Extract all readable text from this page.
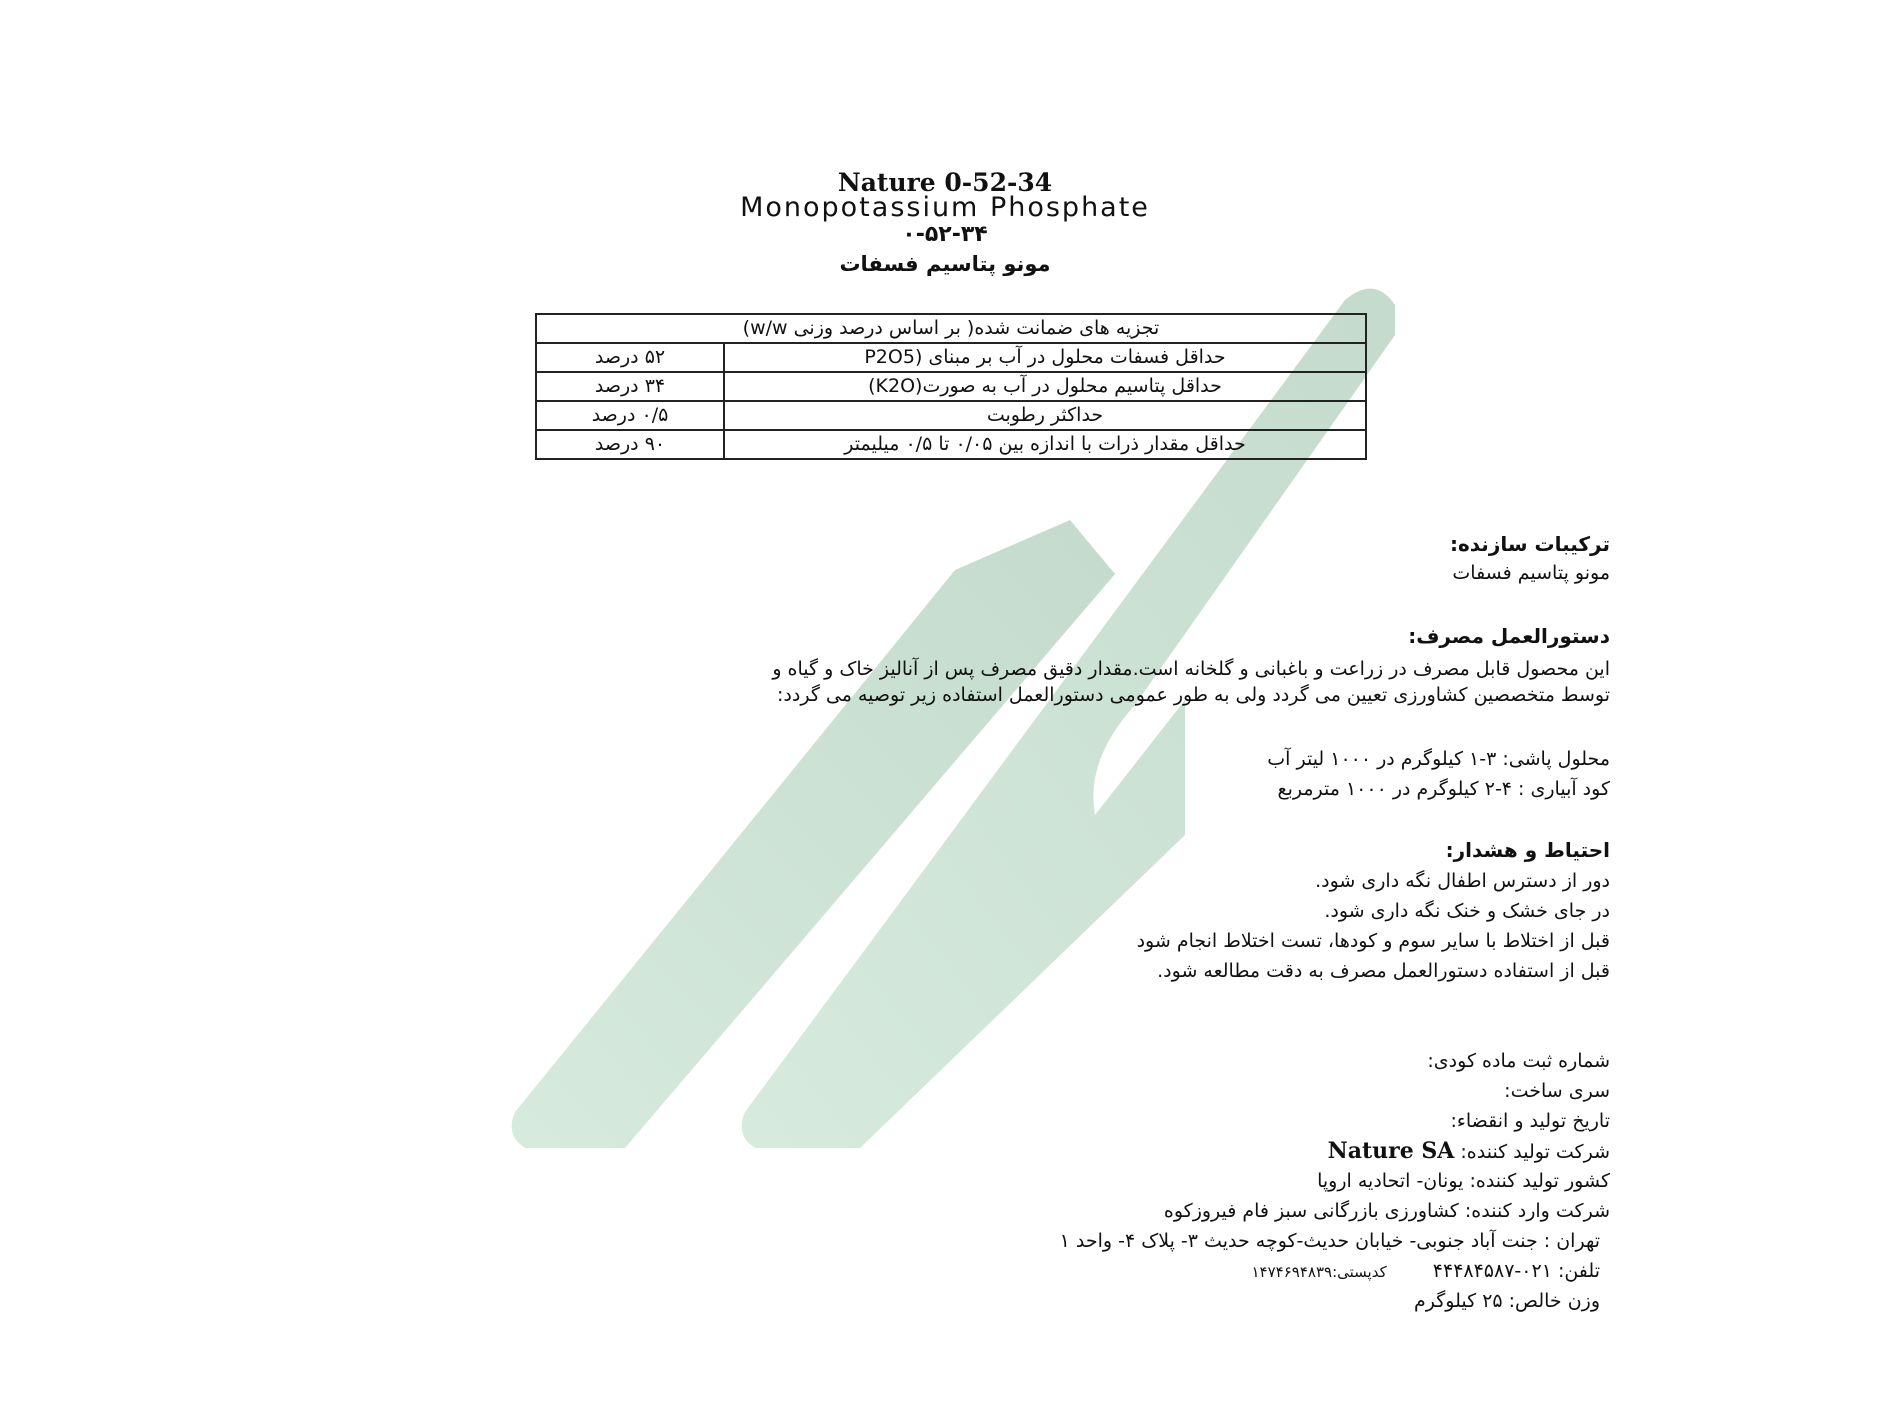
Nature 0-52-34
Monopotassium Phosphate
۰-۵۲-۳۴
مونو پتاسیم فسفات
تجزیه های ضمانت شده( بر اساس درصد وزنی w/w)	
حداقل فسفات محلول در آب بر مبنای (P2O5	۵۲ درصد
حداقل پتاسیم محلول در آب به صورت(K2O)	۳۴ درصد
حداکثر رطوبت	۰/۵ درصد
حداقل مقدار ذرات با اندازه بین ۰/۰۵ تا ۰/۵ میلیمتر	۹۰ درصد
ترکیبات سازنده:
مونو پتاسیم فسفات
دستورالعمل مصرف:
این محصول قابل مصرف در زراعت و باغبانی و گلخانه است.مقدار دقیق مصرف پس از آنالیز خاک و گیاه و
توسط متخصصین کشاورزی تعیین می گردد ولی به طور عمومی دستورالعمل استفاده زیر توصیه می گردد:
محلول پاشی: ۳-۱ کیلوگرم در ۱۰۰۰ لیتر آب
کود آبیاری : ۴-۲ کیلوگرم در ۱۰۰۰ مترمربع
احتیاط و هشدار:
دور از دسترس اطفال نگه داری شود.
در جای خشک و خنک نگه داری شود.
قبل از اختلاط با سایر سوم و کودها، تست اختلاط انجام شود
قبل از استفاده دستورالعمل مصرف به دقت مطالعه شود.
شماره ثبت ماده کودی:
سری ساخت:
تاریخ تولید و انقضاء:
شرکت تولید کننده: Nature SA
کشور تولید کننده: یونان- اتحادیه اروپا
شرکت وارد کننده: کشاورزی بازرگانی سبز فام فیروزکوه
تهران : جنت آباد جنوبی- خیابان حدیث-کوچه حدیث ۳- پلاک ۴- واحد ۱
تلفن: ۰۲۱-۴۴۴۸۴۵۸۷ کدپستی:۱۴۷۴۶۹۴۸۳۹
وزن خالص: ۲۵ کیلوگرم
